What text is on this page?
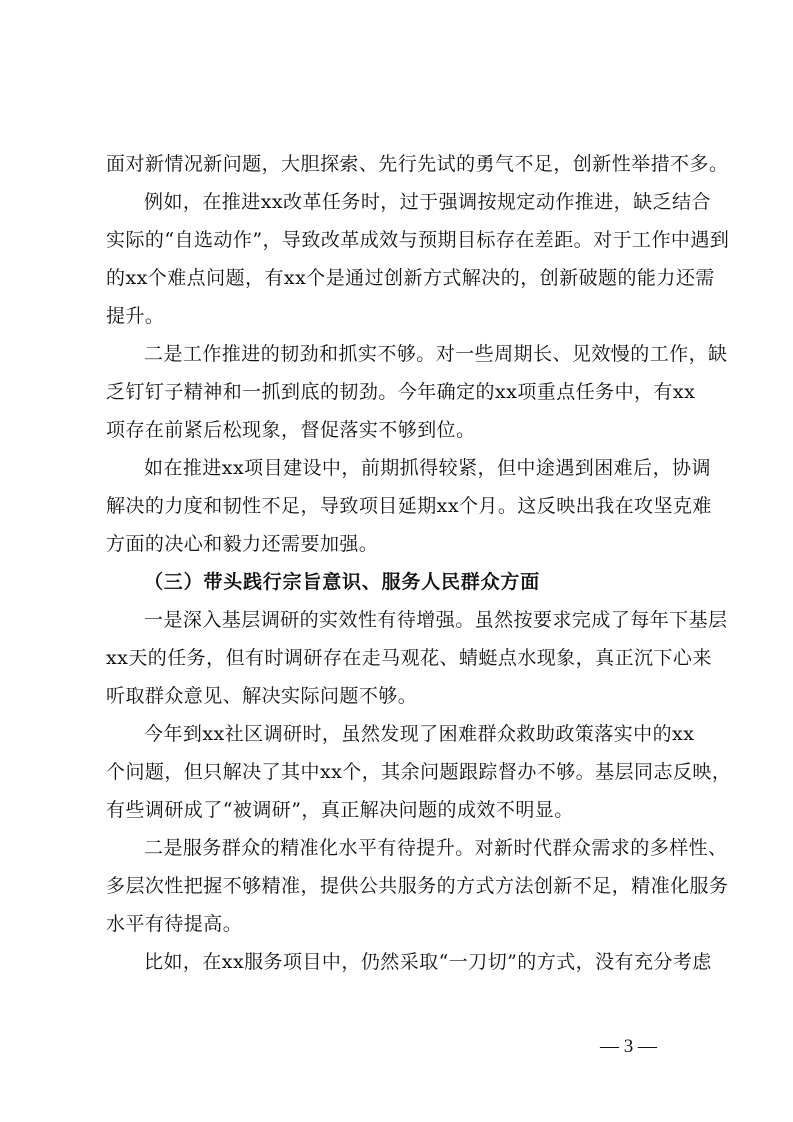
面对新情况新问题，大胆探索、先行先试的勇气不足，创新性举措不多。
例如，在推进xx改革任务时，过于强调按规定动作推进，缺乏结合
实际的“自选动作”，导致改革成效与预期目标存在差距。对于工作中遇到
的xx个难点问题，有xx个是通过创新方式解决的，创新破题的能力还需
提升。
二是工作推进的韧劲和抓实不够。对一些周期长、见效慢的工作，缺
乏钉钉子精神和一抓到底的韧劲。今年确定的xx项重点任务中，有xx
项存在前紧后松现象，督促落实不够到位。
如在推进xx项目建设中，前期抓得较紧，但中途遇到困难后，协调
解决的力度和韧性不足，导致项目延期xx个月。这反映出我在攻坚克难
方面的决心和毅力还需要加强。
（三）带头践行宗旨意识、服务人民群众方面
一是深入基层调研的实效性有待增强。虽然按要求完成了每年下基层
xx天的任务，但有时调研存在走马观花、蜻蜓点水现象，真正沉下心来
听取群众意见、解决实际问题不够。
今年到xx社区调研时，虽然发现了困难群众救助政策落实中的xx
个问题，但只解决了其中xx个，其余问题跟踪督办不够。基层同志反映，
有些调研成了“被调研”，真正解决问题的成效不明显。
二是服务群众的精准化水平有待提升。对新时代群众需求的多样性、
多层次性把握不够精准，提供公共服务的方式方法创新不足，精准化服务
水平有待提高。
比如，在xx服务项目中，仍然采取“一刀切”的方式，没有充分考虑
— 3 —
